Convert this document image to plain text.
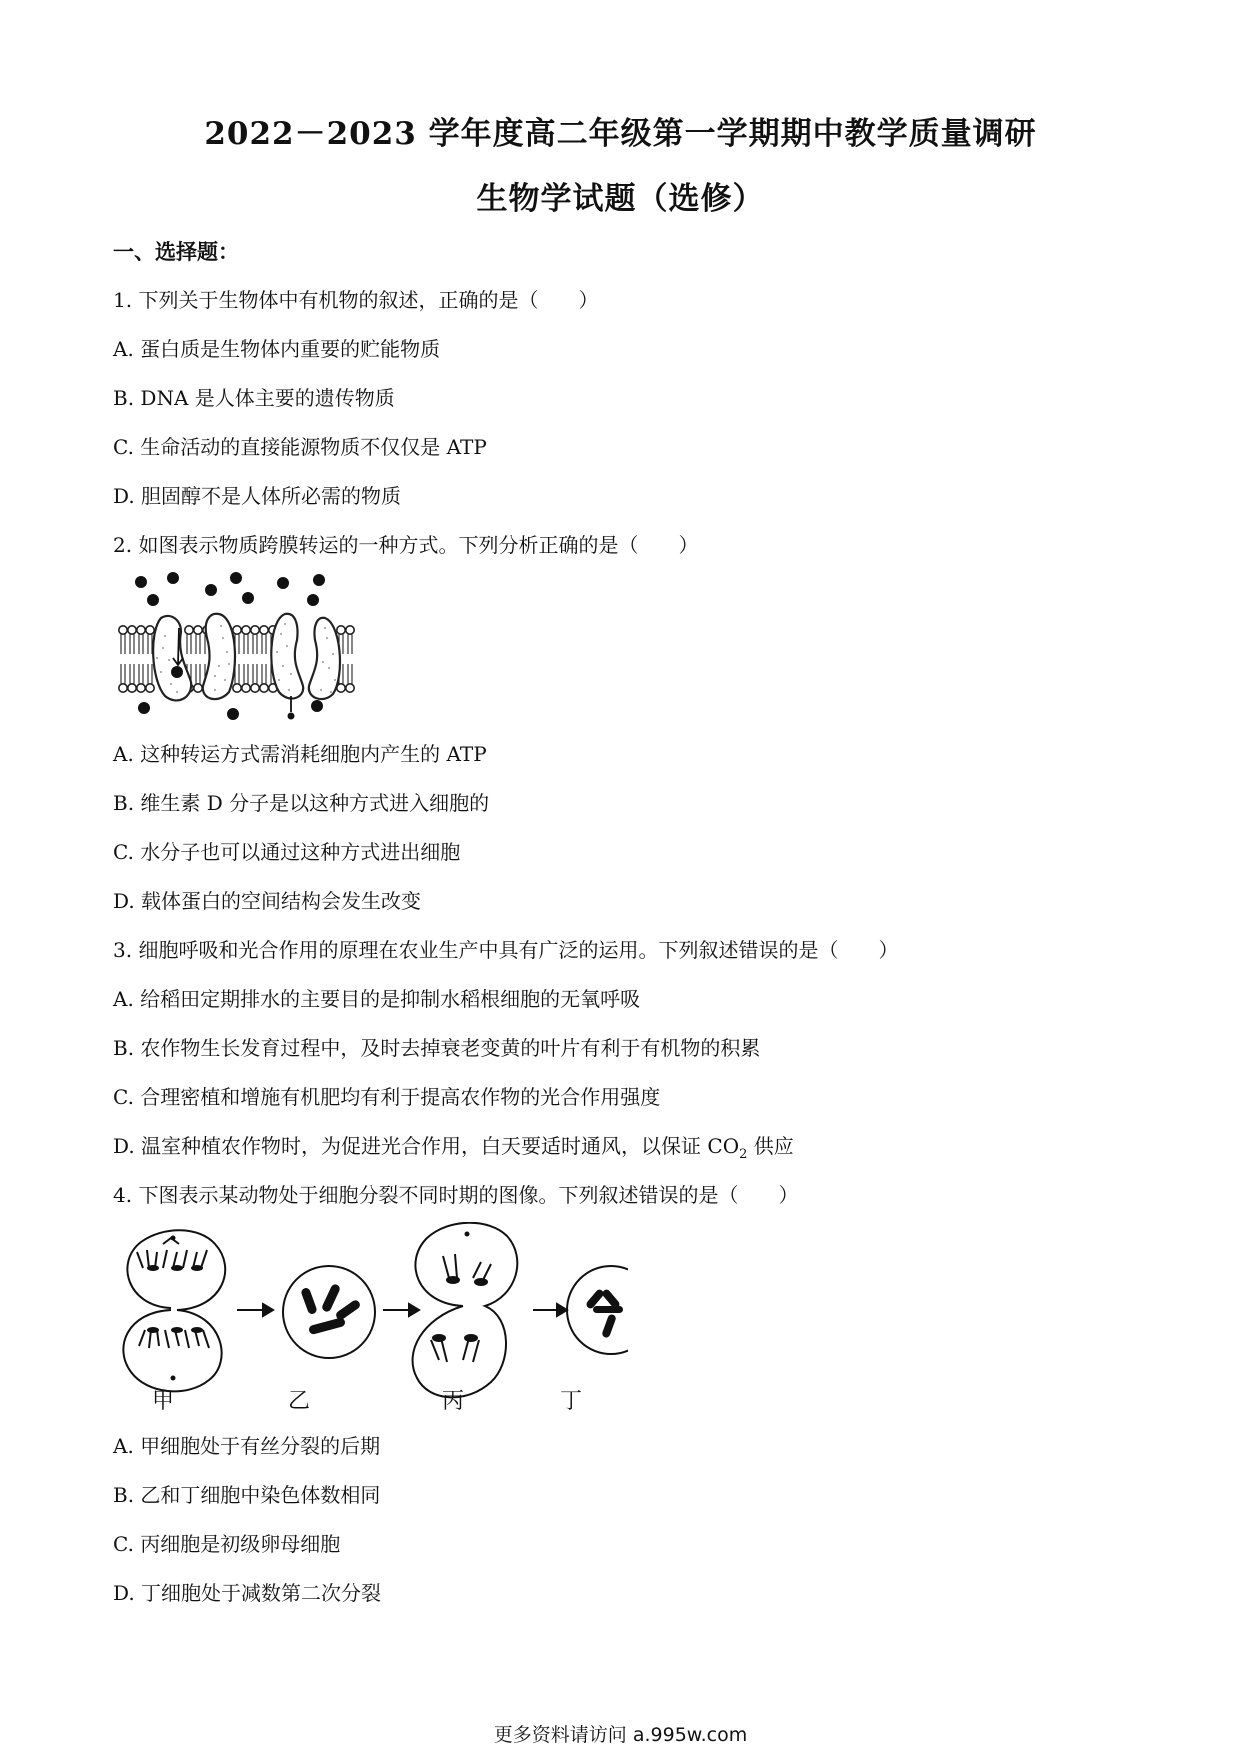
2022－2023 学年度高二年级第一学期期中教学质量调研
生物学试题（选修）
一、选择题：
1. 下列关于生物体中有机物的叙述，正确的是（　　）
A. 蛋白质是生物体内重要的贮能物质
B. DNA 是人体主要的遗传物质
C. 生命活动的直接能源物质不仅仅是 ATP
D. 胆固醇不是人体所必需的物质
2. 如图表示物质跨膜转运的一种方式。下列分析正确的是（　　）
A. 这种转运方式需消耗细胞内产生的 ATP
B. 维生素 D 分子是以这种方式进入细胞的
C. 水分子也可以通过这种方式进出细胞
D. 载体蛋白的空间结构会发生改变
3. 细胞呼吸和光合作用的原理在农业生产中具有广泛的运用。下列叙述错误的是（　　）
A. 给稻田定期排水的主要目的是抑制水稻根细胞的无氧呼吸
B. 农作物生长发育过程中，及时去掉衰老变黄的叶片有利于有机物的积累
C. 合理密植和增施有机肥均有利于提高农作物的光合作用强度
D. 温室种植农作物时，为促进光合作用，白天要适时通风，以保证 $CO_2$ 供应
4. 下图表示某动物处于细胞分裂不同时期的图像。下列叙述错误的是（　　）
甲	乙	丙	丁
A. 甲细胞处于有丝分裂的后期
B. 乙和丁细胞中染色体数相同
C. 丙细胞是初级卵母细胞
D. 丁细胞处于减数第二次分裂
更多资料请访问 a.995w.com
